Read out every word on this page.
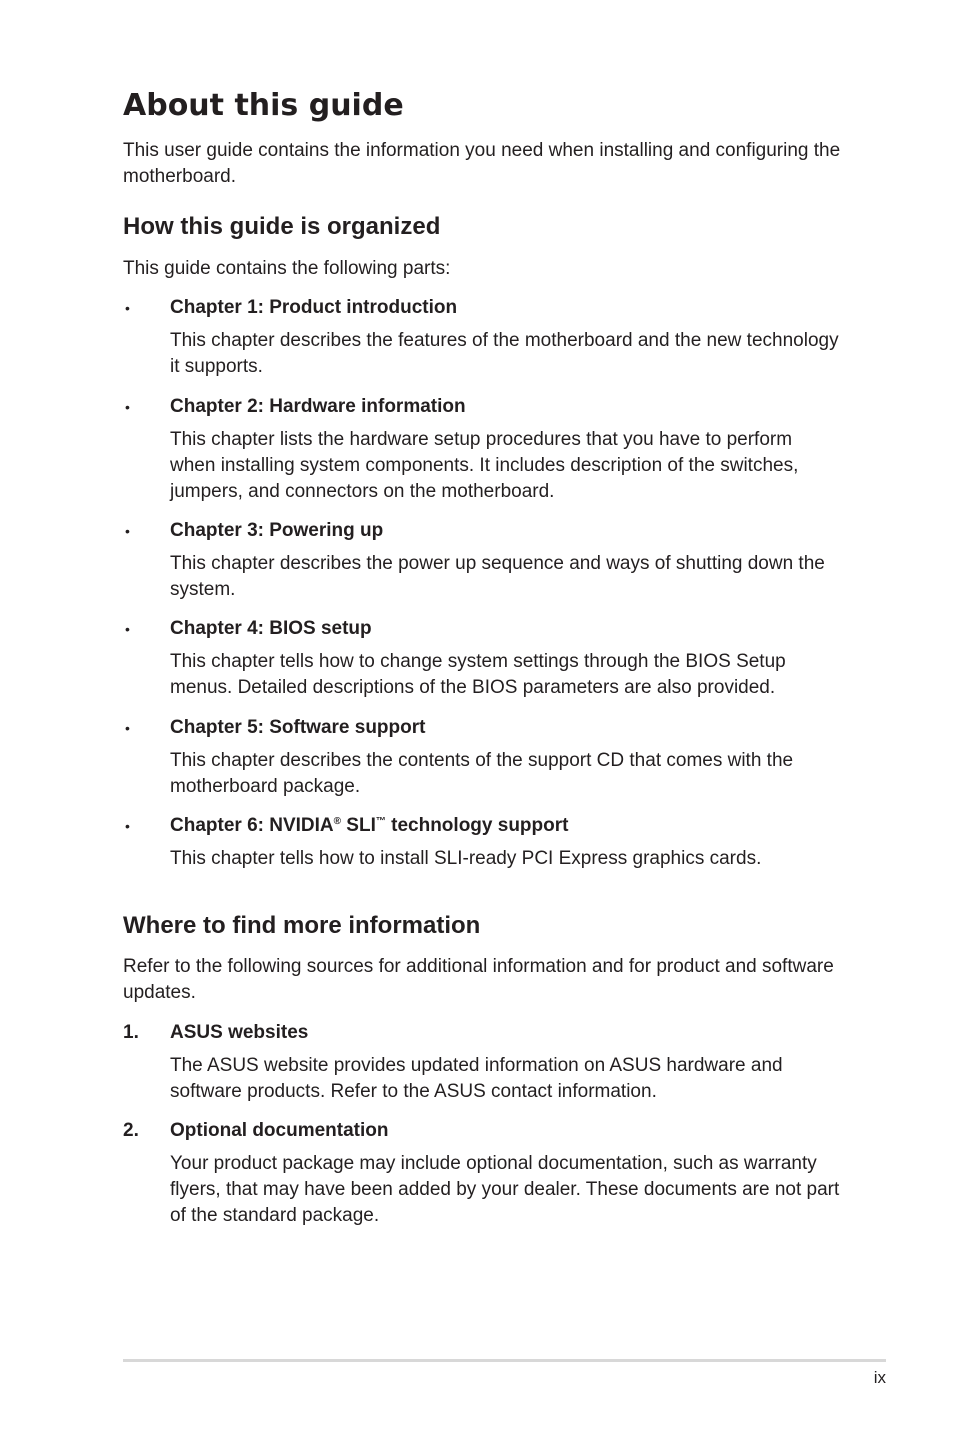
About this guide

This user guide contains the information you need when installing and configuring the motherboard.

How this guide is organized

This guide contains the following parts:

• Chapter 1: Product introduction

This chapter describes the features of the motherboard and the new technology it supports.

• Chapter 2: Hardware information

This chapter lists the hardware setup procedures that you have to perform when installing system components. It includes description of the switches, jumpers, and connectors on the motherboard.

• Chapter 3: Powering up

This chapter describes the power up sequence and ways of shutting down the system.

• Chapter 4: BIOS setup

This chapter tells how to change system settings through the BIOS Setup menus. Detailed descriptions of the BIOS parameters are also provided.

• Chapter 5: Software support

This chapter describes the contents of the support CD that comes with the motherboard package.

• Chapter 6: NVIDIA® SLI™ technology support

This chapter tells how to install SLI-ready PCI Express graphics cards.

Where to find more information

Refer to the following sources for additional information and for product and software updates.

1. ASUS websites

The ASUS website provides updated information on ASUS hardware and software products. Refer to the ASUS contact information.

2. Optional documentation

Your product package may include optional documentation, such as warranty flyers, that may have been added by your dealer. These documents are not part of the standard package.

ix
